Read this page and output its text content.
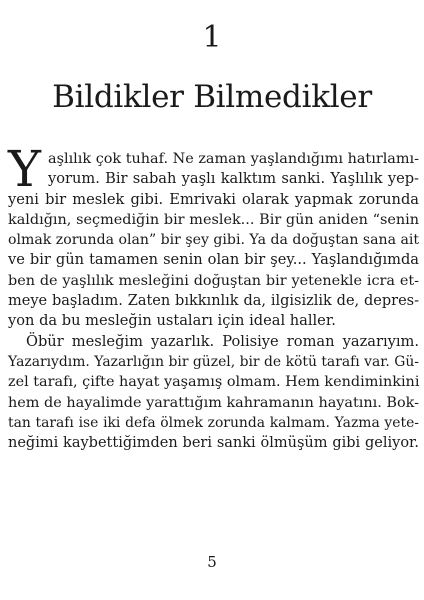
1
Bildikler Bilmedikler
Y aşlılık çok tuhaf. Ne zaman yaşlandığımı hatırlamı-
yorum. Bir sabah yaşlı kalktım sanki. Yaşlılık yep-
yeni bir meslek gibi. Emrivaki olarak yapmak zorunda
kaldığın, seçmediğin bir meslek... Bir gün aniden “senin
olmak zorunda olan” bir şey gibi. Ya da doğuştan sana ait
ve bir gün tamamen senin olan bir şey... Yaşlandığımda
ben de yaşlılık mesleğini doğuştan bir yetenekle icra et-
meye başladım. Zaten bıkkınlık da, ilgisizlik de, depres-
yon da bu mesleğin ustaları için ideal haller.
Öbür mesleğim yazarlık. Polisiye roman yazarıyım.
Yazarıydım. Yazarlığın bir güzel, bir de kötü tarafı var. Gü-
zel tarafı, çifte hayat yaşamış olmam. Hem kendiminkini
hem de hayalimde yarattığım kahramanın hayatını. Bok-
tan tarafı ise iki defa ölmek zorunda kalmam. Yazma yete-
neğimi kaybettiğimden beri sanki ölmüşüm gibi geliyor.
5
